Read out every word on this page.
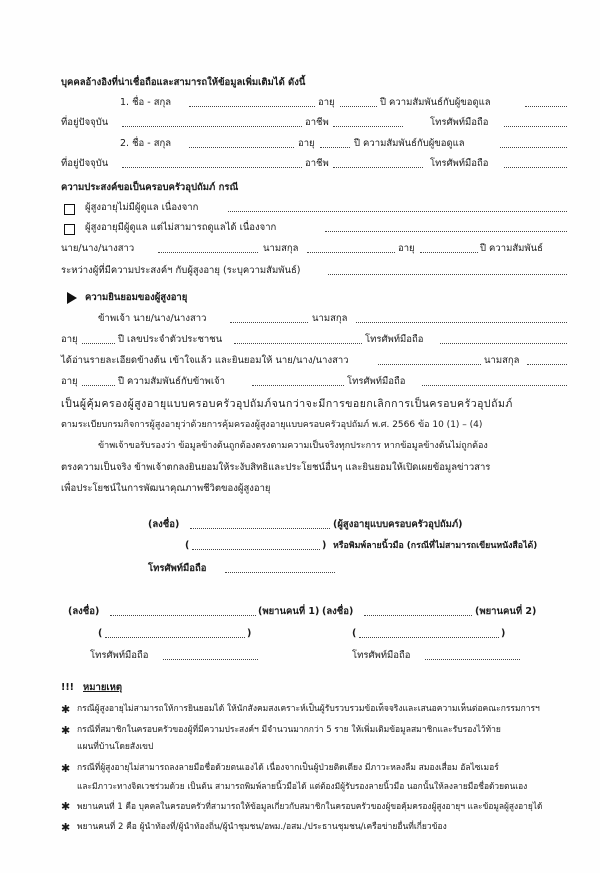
บุคคลอ้างอิงที่น่าเชื่อถือและสามารถให้ข้อมูลเพิ่มเติมได้ ดังนี้
1. ชื่อ - สกุล	อายุ	ปี ความสัมพันธ์กับผู้ขอดูแล
ที่อยู่ปัจจุบัน	อาชีพ	โทรศัพท์มือถือ
2. ชื่อ - สกุล	อายุ	ปี ความสัมพันธ์กับผู้ขอดูแล
ที่อยู่ปัจจุบัน	อาชีพ	โทรศัพท์มือถือ
ความประสงค์ขอเป็นครอบครัวอุปถัมภ์ กรณี
ผู้สูงอายุไม่มีผู้ดูแล เนื่องจาก
ผู้สูงอายุมีผู้ดูแล แต่ไม่สามารถดูแลได้ เนื่องจาก
นาย/นาง/นางสาว	นามสกุล	อายุ	ปี ความสัมพันธ์
ระหว่างผู้ที่มีความประสงค์ฯ กับผู้สูงอายุ (ระบุความสัมพันธ์)
ความยินยอมของผู้สูงอายุ
ข้าพเจ้า นาย/นาง/นางสาว	นามสกุล
อายุ	ปี เลขประจำตัวประชาชน	โทรศัพท์มือถือ
ได้อ่านรายละเอียดข้างต้น เข้าใจแล้ว และยินยอมให้ นาย/นาง/นางสาว	นามสกุล
อายุ	ปี ความสัมพันธ์กับข้าพเจ้า	โทรศัพท์มือถือ
เป็นผู้คุ้มครองผู้สูงอายุแบบครอบครัวอุปถัมภ์จนกว่าจะมีการขอยกเลิกการเป็นครอบครัวอุปถัมภ์
ตามระเบียบกรมกิจการผู้สูงอายุว่าด้วยการคุ้มครองผู้สูงอายุแบบครอบครัวอุปถัมภ์ พ.ศ. 2566 ข้อ 10 (1) – (4)
ข้าพเจ้าขอรับรองว่า ข้อมูลข้างต้นถูกต้องตรงตามความเป็นจริงทุกประการ หากข้อมูลข้างต้นไม่ถูกต้อง
ตรงความเป็นจริง ข้าพเจ้าตกลงยินยอมให้ระงับสิทธิและประโยชน์อื่นๆ และยินยอมให้เปิดเผยข้อมูลข่าวสาร
เพื่อประโยชน์ในการพัฒนาคุณภาพชีวิตของผู้สูงอายุ
(ลงชื่อ)	(ผู้สูงอายุแบบครอบครัวอุปถัมภ์)
(	) หรือพิมพ์ลายนิ้วมือ (กรณีที่ไม่สามารถเขียนหนังสือได้)
โทรศัพท์มือถือ
(ลงชื่อ)	(พยานคนที่ 1) (ลงชื่อ)	(พยานคนที่ 2)
(	)	(	)
โทรศัพท์มือถือ	โทรศัพท์มือถือ
!!! หมายเหตุ
✱ กรณีผู้สูงอายุไม่สามารถให้การยินยอมได้ ให้นักสังคมสงเคราะห์เป็นผู้รับรวบรวมข้อเท็จจริงและเสนอความเห็นต่อคณะกรรมการฯ
✱ กรณีที่สมาชิกในครอบครัวของผู้ที่มีความประสงค์ฯ มีจำนวนมากกว่า 5 ราย ให้เพิ่มเติมข้อมูลสมาชิกและรับรองไว้ท้าย
แผนที่บ้านโดยสังเขป
✱ กรณีที่ผู้สูงอายุไม่สามารถลงลายมือชื่อด้วยตนเองได้ เนื่องจากเป็นผู้ป่วยติดเตียง มีภาวะหลงลืม สมองเสื่อม อัลไซเมอร์
และมีภาวะทางจิตเวชร่วมด้วย เป็นต้น สามารถพิมพ์ลายนิ้วมือได้ แต่ต้องมีผู้รับรองลายนิ้วมือ นอกนั้นให้ลงลายมือชื่อด้วยตนเอง
✱ พยานคนที่ 1 คือ บุคคลในครอบครัวที่สามารถให้ข้อมูลเกี่ยวกับสมาชิกในครอบครัวของผู้ขอคุ้มครองผู้สูงอายุฯ และข้อมูลผู้สูงอายุได้
✱ พยานคนที่ 2 คือ ผู้นำท้องที่/ผู้นำท้องถิ่น/ผู้นำชุมชน/อพม./อสม./ประธานชุมชน/เครือข่ายอื่นที่เกี่ยวข้อง
